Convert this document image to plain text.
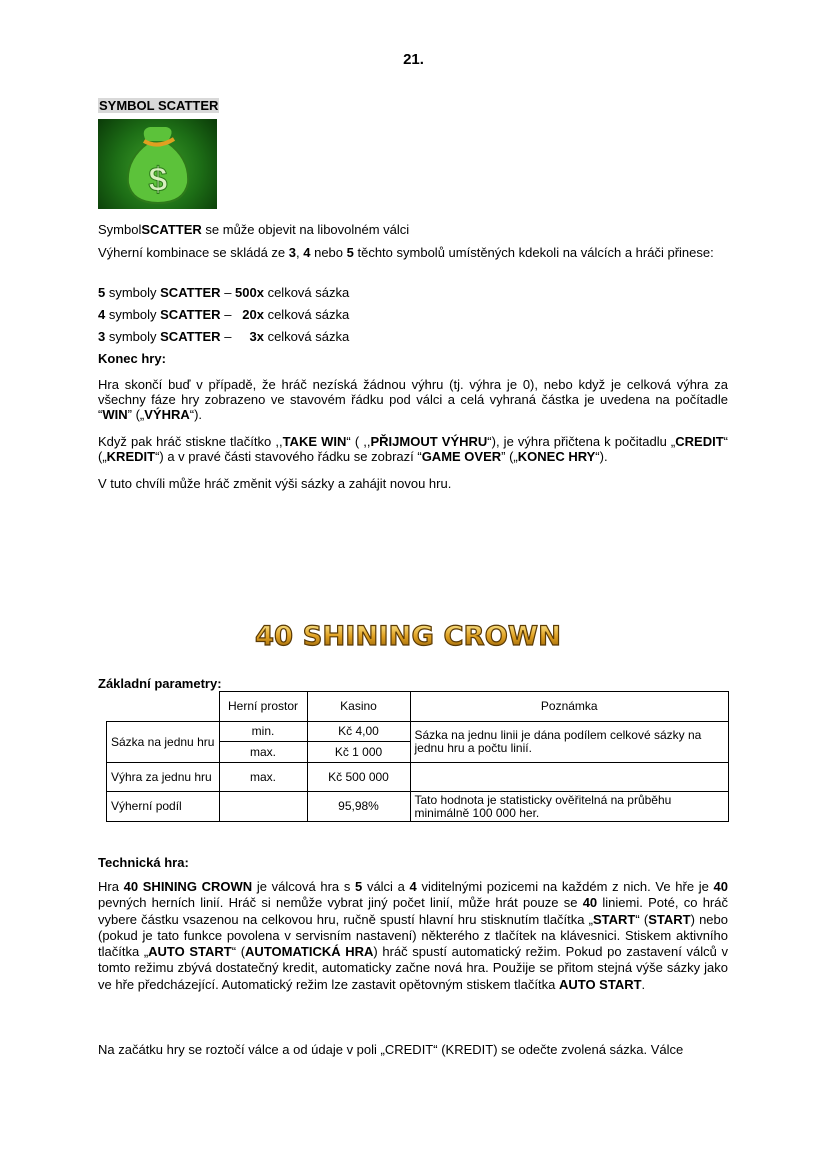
21.
SYMBOL SCATTER
$
SymbolSCATTER se může objevit na libovolném válci
Výherní kombinace se skládá ze 3, 4 nebo 5 těchto symbolů umístěných kdekoli na válcích a hráči přinese:
5 symboly SCATTER – 500x celková sázka
4 symboly SCATTER –   20x celková sázka
3 symboly SCATTER –     3x celková sázka
Konec hry:
Hra skončí buď v případě, že hráč nezíská žádnou výhru (tj. výhra je 0), nebo když je celková výhra za všechny fáze hry zobrazeno ve stavovém řádku pod válci a celá vyhraná částka je uvedena na počítadle “WIN” („VÝHRA“).
Když pak hráč stiskne tlačítko ,,TAKE WIN“ ( ,,PŘIJMOUT VÝHRU“), je výhra přičtena k počitadlu „CREDIT“ („KREDIT“) a v pravé části stavového řádku se zobrazí “GAME OVER” („KONEC HRY“).
V tuto chvíli může hráč změnit výši sázky a zahájit novou hru.
40 SHINING CROWN
Základní parametry:
	Herní prostor	Kasino	Poznámka
Sázka na jednu hru	min.	Kč 4,00	Sázka na jednu linii je dána podílem celkové sázky na jednu hru a počtu linií.
	max.	Kč 1 000	
Výhra za jednu hru	max.	Kč 500 000	
Výherní podíl		95,98%	Tato hodnota je statisticky ověřitelná na průběhu minimálně 100 000 her.
Technická hra:
Hra 40 SHINING CROWN je válcová hra s 5 válci a 4 viditelnými pozicemi na každém z nich. Ve hře je 40 pevných herních linií. Hráč si nemůže vybrat jiný počet linií, může hrát pouze se 40 liniemi. Poté, co hráč vybere částku vsazenou na celkovou hru, ručně spustí hlavní hru stisknutím tlačítka „START“ (START) nebo (pokud je tato funkce povolena v servisním nastavení) některého z tlačítek na klávesnici. Stiskem aktivního tlačítka „AUTO START“ (AUTOMATICKÁ HRA) hráč spustí automatický režim. Pokud po zastavení válců v tomto režimu zbývá dostatečný kredit, automaticky začne nová hra. Použije se přitom stejná výše sázky jako ve hře předcházející. Automatický režim lze zastavit opětovným stiskem tlačítka AUTO START.
Na začátku hry se roztočí válce a od údaje v poli „CREDIT“ (KREDIT) se odečte zvolená sázka. Válce
